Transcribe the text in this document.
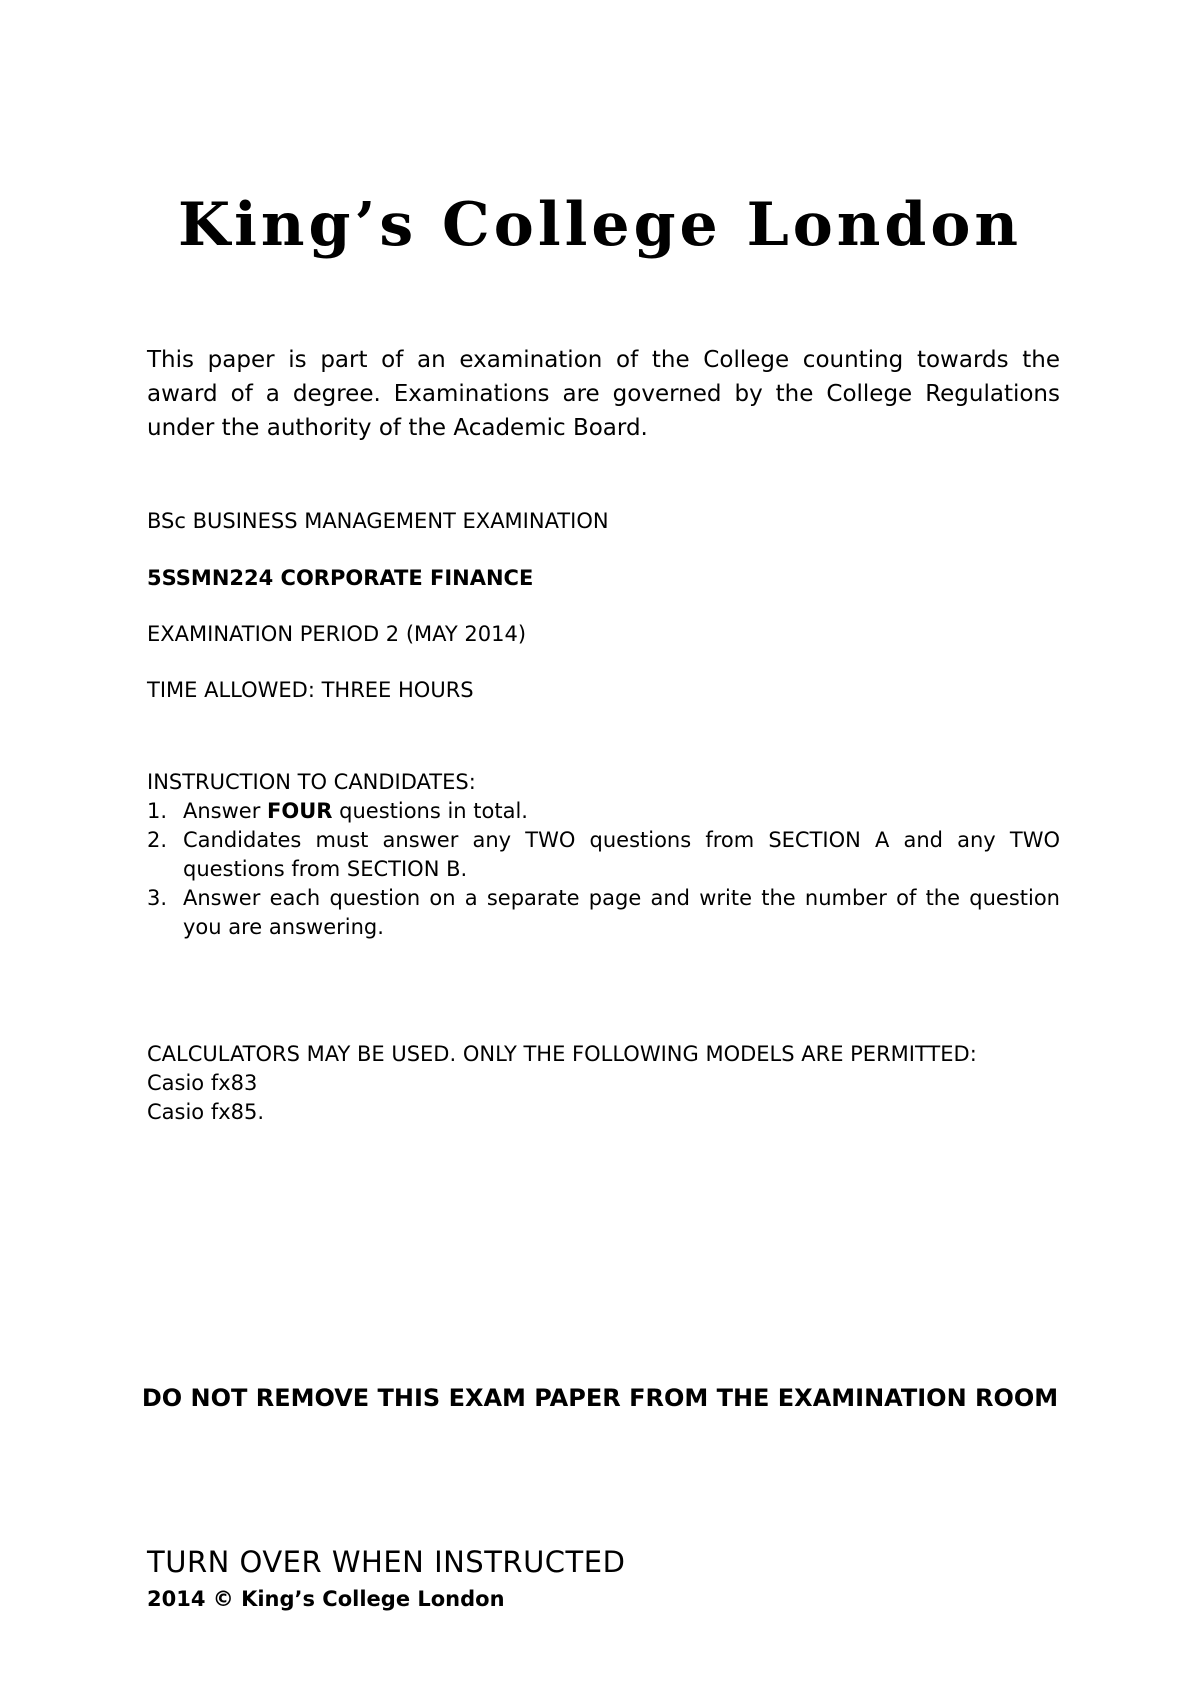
King’s College London

This paper is part of an examination of the College counting towards the award of a degree. Examinations are governed by the College Regulations under the authority of the Academic Board.

BSc BUSINESS MANAGEMENT EXAMINATION

5SSMN224 CORPORATE FINANCE

EXAMINATION PERIOD 2 (MAY 2014)

TIME ALLOWED: THREE HOURS

INSTRUCTION TO CANDIDATES:

1. Answer FOUR questions in total.
2. Candidates must answer any TWO questions from SECTION A and any TWO questions from SECTION B.
3. Answer each question on a separate page and write the number of the question you are answering.

CALCULATORS MAY BE USED. ONLY THE FOLLOWING MODELS ARE PERMITTED:

Casio fx83

Casio fx85.

DO NOT REMOVE THIS EXAM PAPER FROM THE EXAMINATION ROOM

TURN OVER WHEN INSTRUCTED

2014 © King’s College London
